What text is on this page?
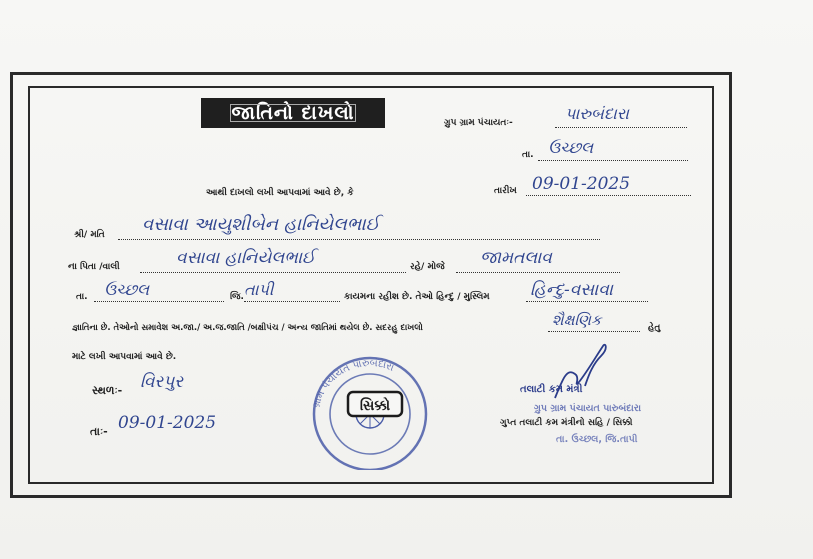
જાતિનો દાખલો	ગ્રુપ ગ્રામ પંચાયતઃ-	પારુબંદારા
તા. ઉચ્છલ
આથી દાખલો લખી આપવામાં આવે છે, કે	તારીખ 09-01-2025
શ્રી/ મતિ વસાવા આયુશીબેન હાનિયેલભાઈ
ના પિતા /વાલી	વસાવા હાનિયેલભાઈ	રહે/ મોજે જામતલાવ
તા. ઉચ્છલ	જિ. તાપી	કાયમના રહીશ છે. તેઓ હિન્દુ / મુસ્લિમ હિન્દુ-વસાવા
જ્ઞાતિના છે. તેઓનો સમાવેશ અ.જા./ અ.જ.જાતિ /બક્ષીપંચ / અન્ય જાતિમાં થયેલ છે. સદરહુ દાખલો	શૈક્ષણિક	હેતુ
માટે લખી આપવામાં આવે છે.
સ્થળઃ- વિરપુર
તાઃ- 09-01-2025
ગ્રામ પંચાયત પારુબંદારા
સિક્કો
તલાટી કમ મંત્રી
ગ્રુપ ગ્રામ પંચાયત પારુબંદારા
ગુપ્ત તલાટી કમ મંત્રીનો સહિ / સિક્કો
તા. ઉચ્છલ, જિ.તાપી
